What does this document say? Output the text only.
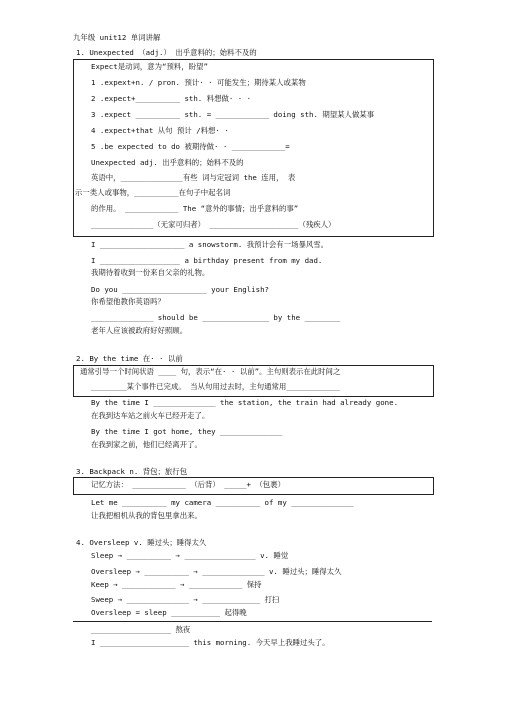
九年级 unit12 单词讲解
1. Unexpected （adj.） 出乎意料的；始料不及的
Expect是动词，意为“预料，盼望”
1 .expext+n. / pron. 预计· · 可能发生；期待某人或某物
2 .expect+__________ sth. 料想做· · ·
3 .expect __________ sth. = ____________ doing sth. 期望某人做某事
4 .expect+that 从句 预计 /料想· ·
5 .be expected to do 被期待做· · ____________=
Unexpected adj. 出乎意料的；始料不及的
英语中，______________有些 词与定冠词 the 连用， 表
示一类人或事物，__________在句子中起名词
的作用。 ____________ The “意外的事情；出乎意料的事”
______________（无家可归者） ____________________（残疾人）
I ___________________ a snowstorm. 我预计会有一场暴风雪。
I __________________ a birthday present from my dad.
我期待着收到一份来自父亲的礼物。
Do you ___________________ your English?
你希望他教你英语吗？
______________ should be _______________ by the ________
老年人应该被政府好好照顾。
2. By the time 在· · 以前
通常引导一个时间状语 ____ 句，表示“在· · 以前”。主句则表示在此时间之
________某个事件已完成。 当从句用过去时，主句通常用____________
By the time I ______________ the station, the train had already gone.
在我到达车站之前火车已经开走了。
By the time I got home, they ______________
在我到家之前，他们已经离开了。
3. Backpack n. 背包；旅行包
记忆方法： ____________ （后背） _____+ （包裹）
Let me __________ my camera __________ of my ______________
让我把相机从我的背包里拿出来。
4. Oversleep v. 睡过头；睡得太久
Sleep → __________ → ________________ v. 睡觉
Oversleep → __________ → ______________ v. 睡过头；睡得太久
Keep → ____________ → ____________ 保持
Sweep → ______________ → _____________ 打扫
Oversleep = sleep ___________ 起得晚
__________________ 熬夜
I ____________________ this morning. 今天早上我睡过头了。
